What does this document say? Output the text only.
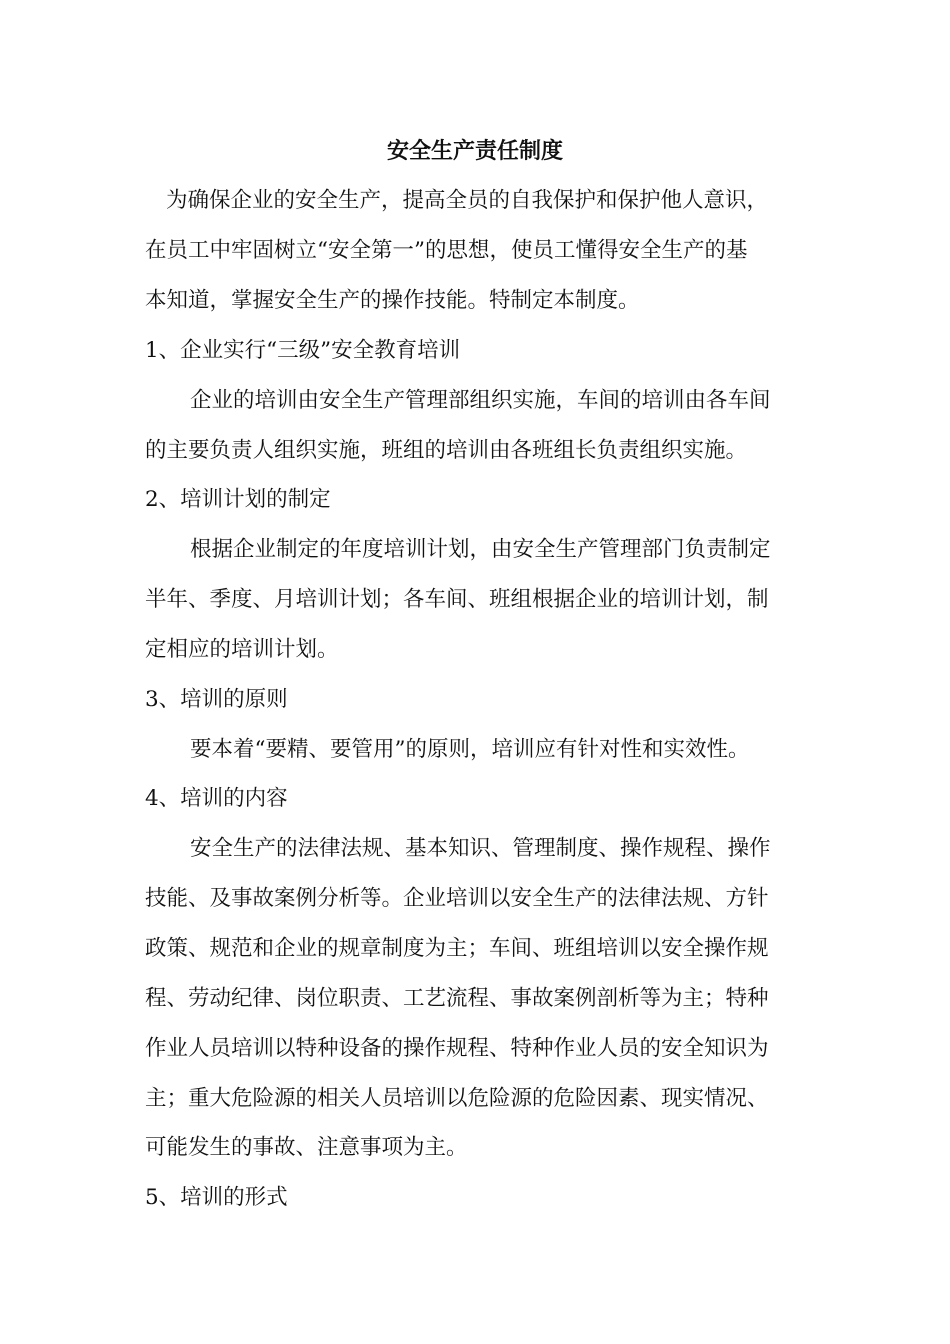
安全生产责任制度
为确保企业的安全生产，提高全员的自我保护和保护他人意识，
在员工中牢固树立“安全第一”的思想，使员工懂得安全生产的基
本知道，掌握安全生产的操作技能。特制定本制度。
1、企业实行“三级”安全教育培训
企业的培训由安全生产管理部组织实施，车间的培训由各车间
的主要负责人组织实施，班组的培训由各班组长负责组织实施。
2、培训计划的制定
根据企业制定的年度培训计划，由安全生产管理部门负责制定
半年、季度、月培训计划；各车间、班组根据企业的培训计划，制
定相应的培训计划。
3、培训的原则
要本着“要精、要管用”的原则，培训应有针对性和实效性。
4、培训的内容
安全生产的法律法规、基本知识、管理制度、操作规程、操作
技能、及事故案例分析等。企业培训以安全生产的法律法规、方针
政策、规范和企业的规章制度为主；车间、班组培训以安全操作规
程、劳动纪律、岗位职责、工艺流程、事故案例剖析等为主；特种
作业人员培训以特种设备的操作规程、特种作业人员的安全知识为
主；重大危险源的相关人员培训以危险源的危险因素、现实情况、
可能发生的事故、注意事项为主。
5、培训的形式
